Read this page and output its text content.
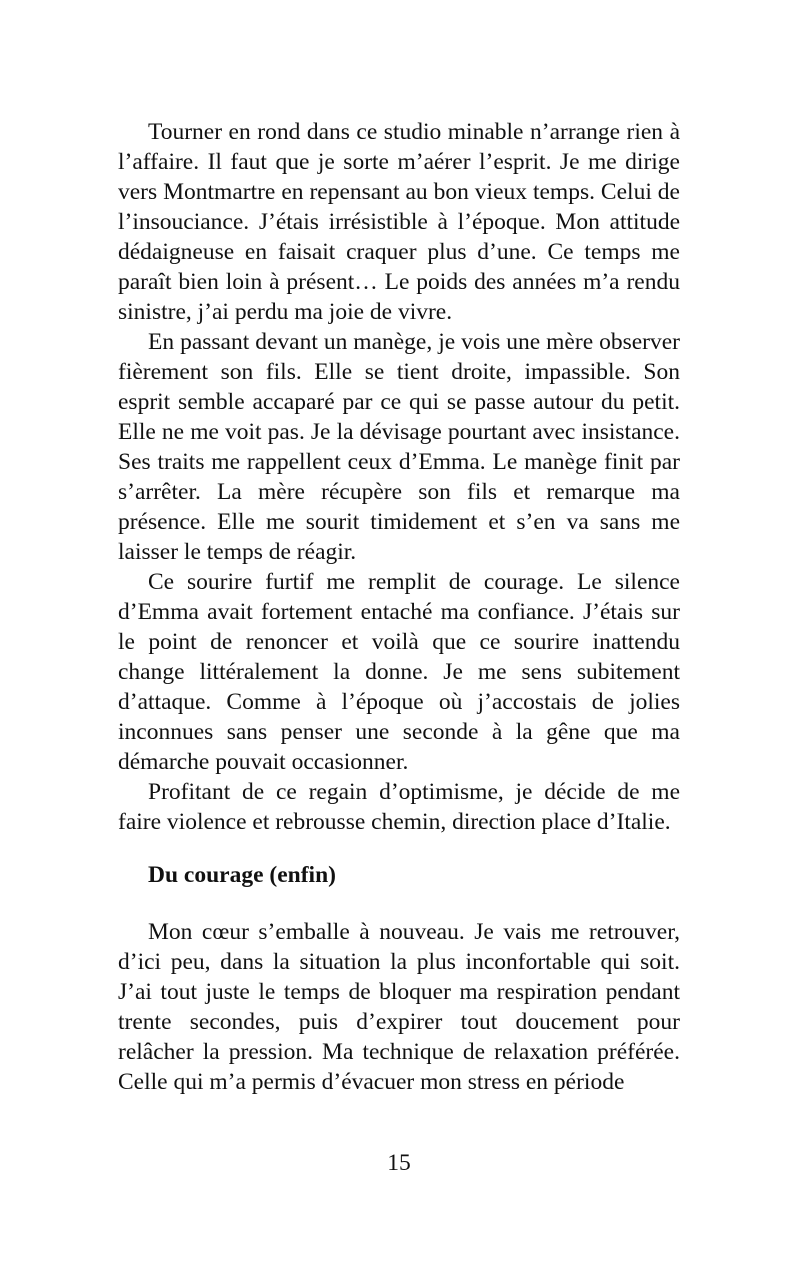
Tourner en rond dans ce studio minable n’arrange rien à l’affaire. Il faut que je sorte m’aérer l’esprit. Je me dirige vers Montmartre en repensant au bon vieux temps. Celui de l’insouciance. J’étais irrésistible à l’époque. Mon attitude dédaigneuse en faisait craquer plus d’une. Ce temps me paraît bien loin à présent… Le poids des années m’a rendu sinistre, j’ai perdu ma joie de vivre.

En passant devant un manège, je vois une mère observer fièrement son fils. Elle se tient droite, impassible. Son esprit semble accaparé par ce qui se passe autour du petit. Elle ne me voit pas. Je la dévisage pourtant avec insistance. Ses traits me rappellent ceux d’Emma. Le manège finit par s’arrêter. La mère récupère son fils et remarque ma présence. Elle me sourit timidement et s’en va sans me laisser le temps de réagir.

Ce sourire furtif me remplit de courage. Le silence d’Emma avait fortement entaché ma confiance. J’étais sur le point de renoncer et voilà que ce sourire inattendu change littéralement la donne. Je me sens subitement d’attaque. Comme à l’époque où j’accostais de jolies inconnues sans penser une seconde à la gêne que ma démarche pouvait occasionner.

Profitant de ce regain d’optimisme, je décide de me faire violence et rebrousse chemin, direction place d’Italie.

Du courage (enfin)

Mon cœur s’emballe à nouveau. Je vais me retrouver, d’ici peu, dans la situation la plus inconfortable qui soit. J’ai tout juste le temps de bloquer ma respiration pendant trente secondes, puis d’expirer tout doucement pour relâcher la pression. Ma technique de relaxation préférée. Celle qui m’a permis d’évacuer mon stress en période

15
